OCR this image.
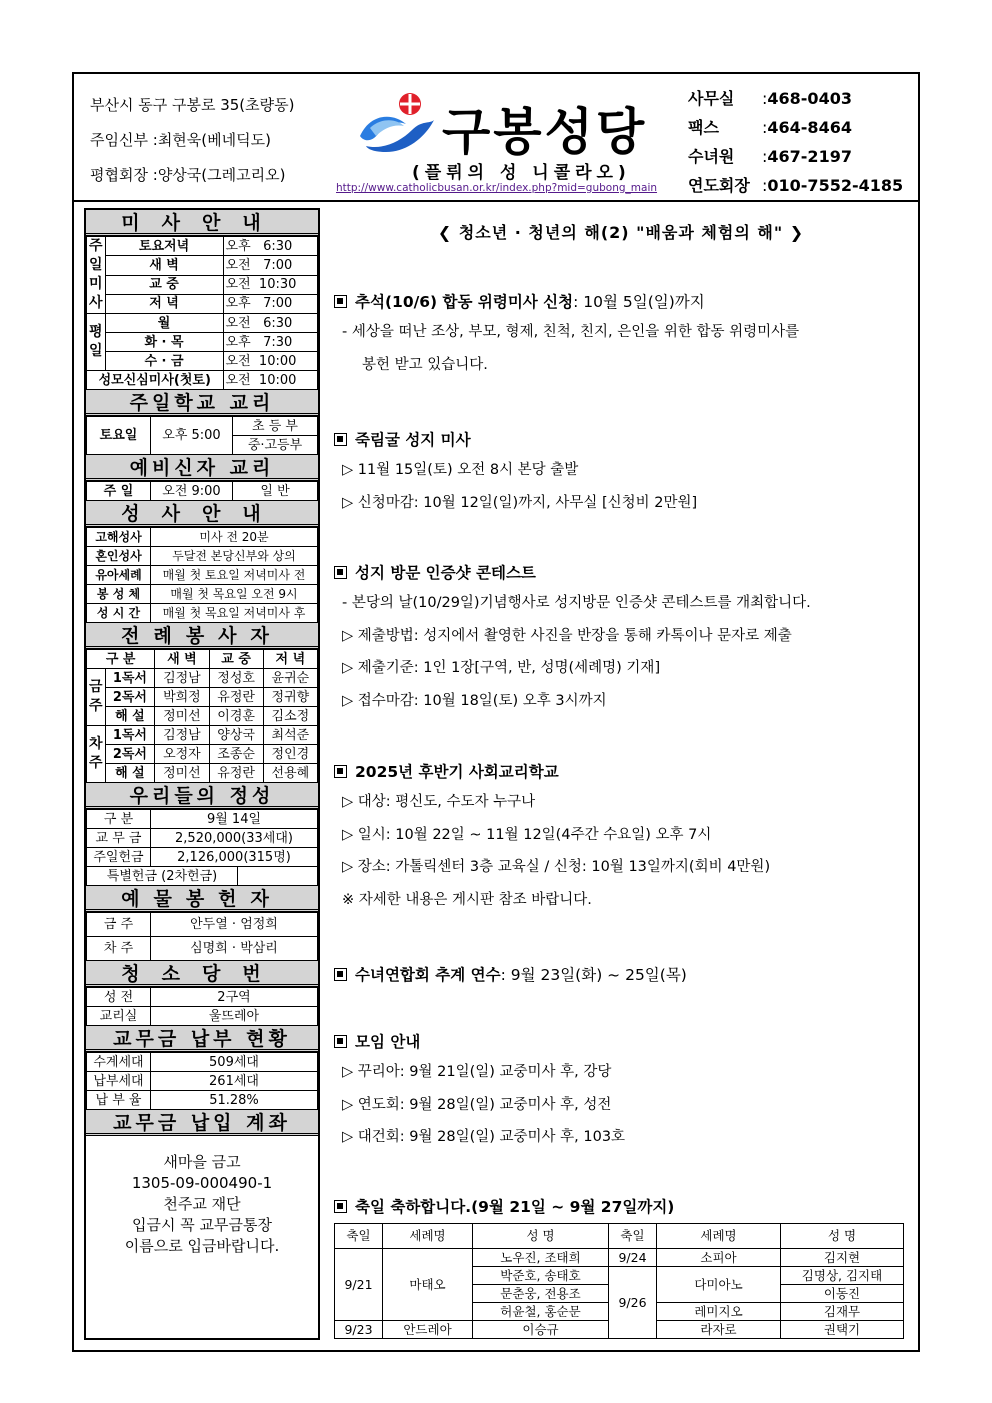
부산시 동구 구봉로 35(초량동)
주임신부 :최현욱(베네딕도)
평협회장 :양상국(그레고리오)
구봉성당
(플뤼의 성 니콜라오)
http://www.catholicbusan.or.kr/index.php?mid=gubong_main
사무실	:468-0403
팩스	:464-8464
수녀원	:467-2197
연도회장 :010-7552-4185
미사안내
주일미사	토요저녁	오후 6:30
	새 벽	오전 7:00
	교 중	오전 10:30
	저 녁	오후 7:00
평일	월	오전 6:30
	화 · 목	오후 7:30
	수 · 금	오전 10:00
성모신심미사(첫토)		오전 10:00
주일학교 교리
토요일	오후 5:00	초 등 부
중·고등부
예비신자 교리
주 일	오전 9:00	일 반
성사안내
고해성사	미사 전 20분
혼인성사	두달전 본당신부와 상의
유아세례	매월 첫 토요일 저녁미사 전
봉 성 체	매월 첫 목요일 오전 9시
성 시 간	매월 첫 목요일 저녁미사 후
전례봉사자
구 분		새 벽	교 중	저 녁
금주	1독서	김정남	정성호	윤귀순
	2독서	박희정	유정란	정귀향
	해 설	정미선	이경훈	김소정
차주	1독서	김정남	양상국	최석준
	2독서	오정자	조종순	정인경
	해 설	정미선	유정란	선용혜
우리들의 정성
구 분	9월 14일	
교 무 금	2,520,000(33세대)	
주일헌금	2,126,000(315명)	
특별헌금 (2차헌금)		
예물봉헌자
금 주	안두열 · 엄정희
차 주	심명희 · 박삼리
청소당번
성 전	2구역
교리실	울뜨레아
교무금 납부 현황
수계세대	509세대
납부세대	261세대
납 부 율	51.28%
교무금 납입 계좌
새마을 금고
1305-09-000490-1
천주교 재단
입금시 꼭 교무금통장
이름으로 입금바랍니다.
❮ 청소년 · 청년의 해(2) "배움과 체험의 해" ❯
추석(10/6) 합동 위령미사 신청: 10월 5일(일)까지
- 세상을 떠난 조상, 부모, 형제, 친척, 친지, 은인을 위한 합동 위령미사를
봉헌 받고 있습니다.
죽림굴 성지 미사
▷ 11월 15일(토) 오전 8시 본당 출발
▷ 신청마감: 10월 12일(일)까지, 사무실 [신청비 2만원]
성지 방문 인증샷 콘테스트
- 본당의 날(10/29일)기념행사로 성지방문 인증샷 콘테스트를 개최합니다.
▷ 제출방법: 성지에서 촬영한 사진을 반장을 통해 카톡이나 문자로 제출
▷ 제출기준: 1인 1장[구역, 반, 성명(세례명) 기재]
▷ 접수마감: 10월 18일(토) 오후 3시까지
2025년 후반기 사회교리학교
▷ 대상: 평신도, 수도자 누구나
▷ 일시: 10월 22일 ~ 11월 12일(4주간 수요일) 오후 7시
▷ 장소: 가톨릭센터 3층 교육실 / 신청: 10월 13일까지(회비 4만원)
※ 자세한 내용은 게시판 참조 바랍니다.
수녀연합회 추계 연수: 9월 23일(화) ~ 25일(목)
모임 안내
▷ 꾸리아: 9월 21일(일) 교중미사 후, 강당
▷ 연도회: 9월 28일(일) 교중미사 후, 성전
▷ 대건회: 9월 28일(일) 교중미사 후, 103호
축일 축하합니다.(9월 21일 ~ 9월 27일까지)
축일	세례명	성 명	축일	세례명	성 명
9/21	마태오	노우진, 조태희	9/24	소피아	김지현
		박준호, 송태호	9/26	다미아노	김명상, 김지태
		문춘웅, 전용조			이동진
		허윤철, 홍순문		레미지오	김재무
9/23	안드레아	이승규		라자로	권택기
